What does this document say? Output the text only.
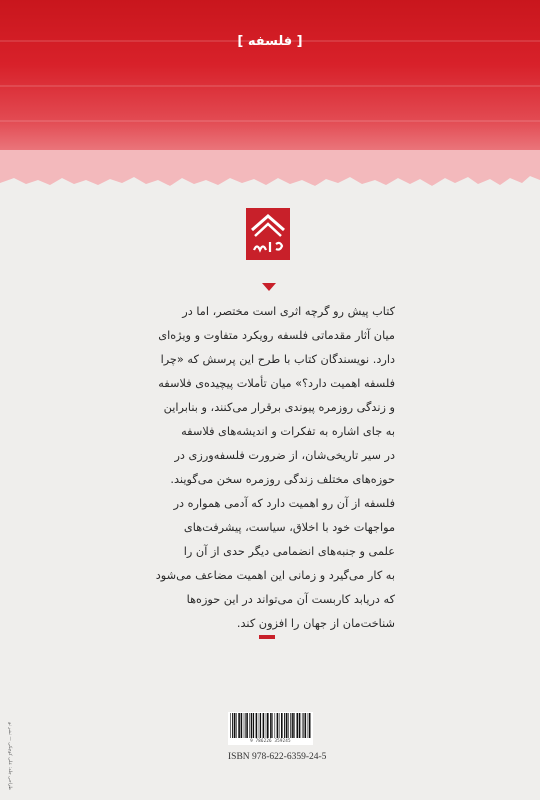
[ فلسفه ]
نشر نو
کتاب پیش رو گرچه اثری است مختصر، اما در
میان آثار مقدماتی فلسفه رویکرد متفاوت و ویژه‌ای
دارد. نویسندگان کتاب با طرح این پرسش که «چرا
فلسفه اهمیت دارد؟» میان تأملات پیچیده‌ی فلاسفه
و زندگی روزمره پیوندی برقرار می‌کنند، و بنابراین
به جای اشاره به تفکرات و اندیشه‌های فلاسفه
در سیر تاریخی‌شان، از ضرورت فلسفه‌ورزی در
حوزه‌های مختلف زندگی روزمره سخن می‌گویند.
فلسفه از آن رو اهمیت دارد که آدمی همواره در
مواجهات خود با اخلاق، سیاست، پیشرفت‌های
علمی و جنبه‌های انضمامی دیگر حدی از آن را
به کار می‌گیرد و زمانی این اهمیت مضاعف می‌شود
که دریابد کاربست آن می‌تواند در این حوزه‌ها
شناخت‌مان از جهان را افزون کند.
طراحی جلد: علی کوچکی — نشر نو	9 786226 359245
ISBN 978-622-6359-24-5
